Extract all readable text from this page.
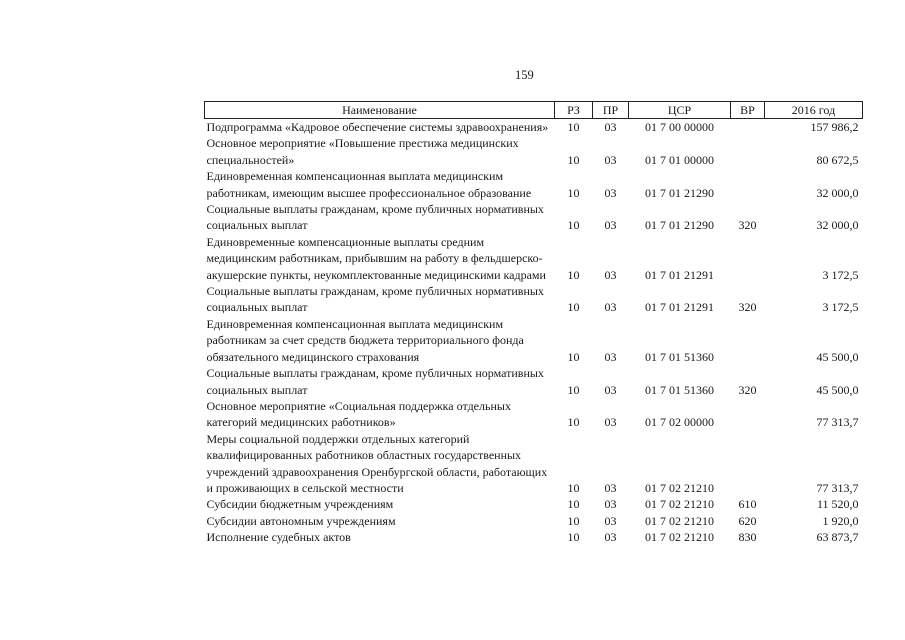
159
Наименование	РЗ	ПР	ЦСР	ВР	2016 год
Подпрограмма «Кадровое обеспечение системы здравоохранения»	10	03	01 7 00 00000		157 986,2
Основное мероприятие «Повышение престижа медицинских специальностей»	10	03	01 7 01 00000		80 672,5
Единовременная компенсационная выплата медицинским работникам, имеющим высшее профессиональное образование	10	03	01 7 01 21290		32 000,0
Социальные выплаты гражданам, кроме публичных нормативных социальных выплат	10	03	01 7 01 21290	320	32 000,0
Единовременные компенсационные выплаты средним медицинским работникам, прибывшим на работу в фельдшерско-акушерские пункты, неукомплектованные медицинскими кадрами	10	03	01 7 01 21291		3 172,5
Социальные выплаты гражданам, кроме публичных нормативных социальных выплат	10	03	01 7 01 21291	320	3 172,5
Единовременная компенсационная выплата медицинским работникам за счет средств бюджета территориального фонда обязательного медицинского страхования	10	03	01 7 01 51360		45 500,0
Социальные выплаты гражданам, кроме публичных нормативных социальных выплат	10	03	01 7 01 51360	320	45 500,0
Основное мероприятие «Социальная поддержка отдельных категорий медицинских работников»	10	03	01 7 02 00000		77 313,7
Меры социальной поддержки отдельных категорий квалифицированных работников областных государственных учреждений здравоохранения Оренбургской области, работающих и проживающих в сельской местности	10	03	01 7 02 21210		77 313,7
Субсидии бюджетным учреждениям	10	03	01 7 02 21210	610	11 520,0
Субсидии автономным учреждениям	10	03	01 7 02 21210	620	1 920,0
Исполнение судебных актов	10	03	01 7 02 21210	830	63 873,7
